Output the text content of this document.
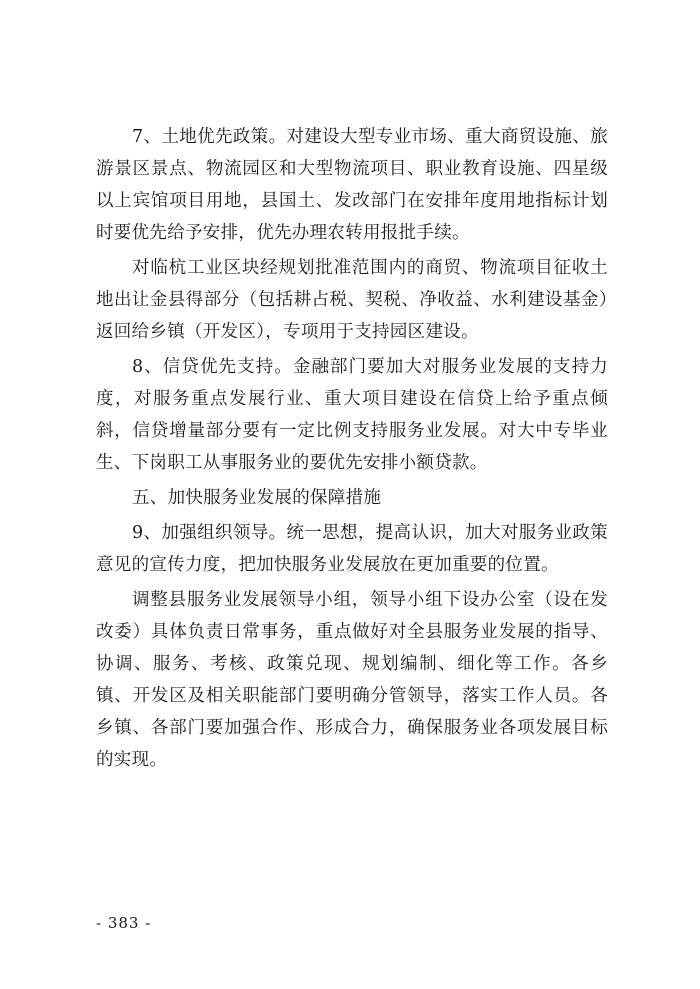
7、土地优先政策。对建设大型专业市场、重大商贸设施、旅游景区景点、物流园区和大型物流项目、职业教育设施、四星级以上宾馆项目用地，县国土、发改部门在安排年度用地指标计划时要优先给予安排，优先办理农转用报批手续。

对临杭工业区块经规划批准范围内的商贸、物流项目征收土地出让金县得部分（包括耕占税、契税、净收益、水利建设基金）返回给乡镇（开发区），专项用于支持园区建设。

8、信贷优先支持。金融部门要加大对服务业发展的支持力度，对服务重点发展行业、重大项目建设在信贷上给予重点倾斜，信贷增量部分要有一定比例支持服务业发展。对大中专毕业生、下岗职工从事服务业的要优先安排小额贷款。

五、加快服务业发展的保障措施

9、加强组织领导。统一思想，提高认识，加大对服务业政策意见的宣传力度，把加快服务业发展放在更加重要的位置。

调整县服务业发展领导小组，领导小组下设办公室（设在发改委）具体负责日常事务，重点做好对全县服务业发展的指导、协调、服务、考核、政策兑现、规划编制、细化等工作。各乡镇、开发区及相关职能部门要明确分管领导，落实工作人员。各乡镇、各部门要加强合作、形成合力，确保服务业各项发展目标的实现。

- 383 -
